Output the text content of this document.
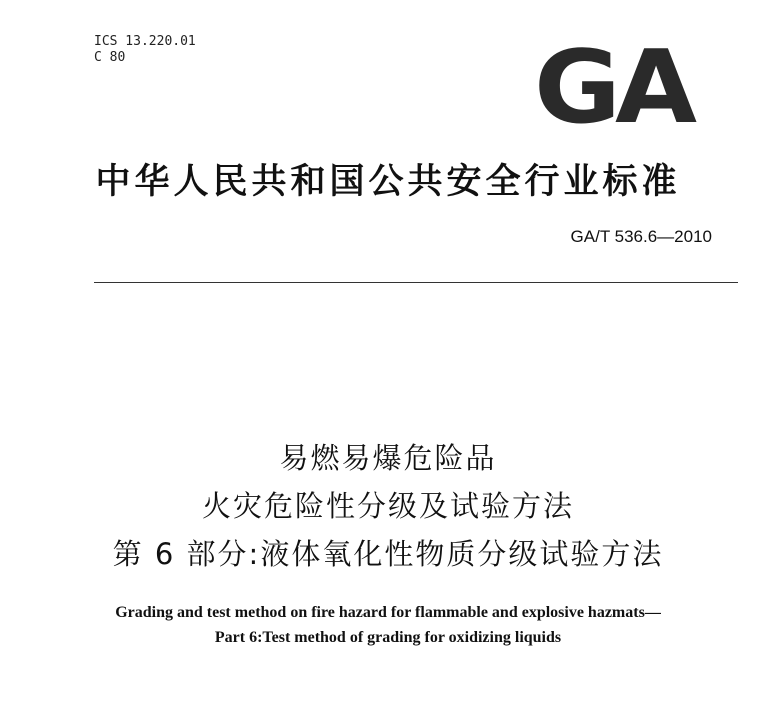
ICS 13.220.01
C 80	GA
中华人民共和国公共安全行业标准
GA/T 536.6—2010
易燃易爆危险品
火灾危险性分级及试验方法
第 6 部分:液体氧化性物质分级试验方法
Grading and test method on fire hazard for flammable and explosive hazmats—
Part 6:Test method of grading for oxidizing liquids
